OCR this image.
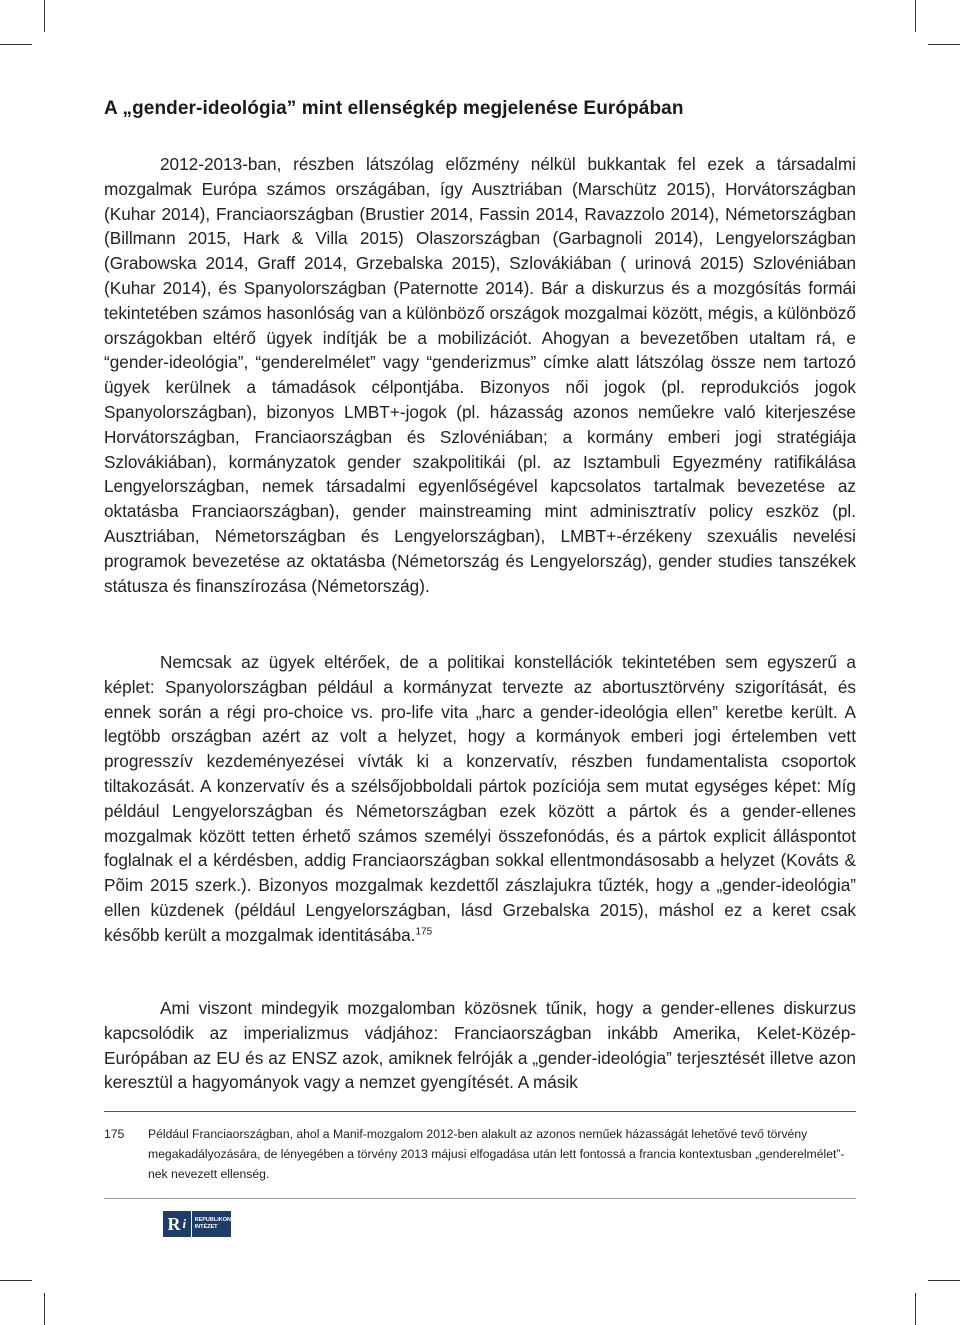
A „gender-ideológia” mint ellenségkép megjelenése Európában

2012-2013-ban, részben látszólag előzmény nélkül bukkantak fel ezek a társadalmi mozgalmak Európa számos országában, így Ausztriában (Marschütz 2015), Horvátországban (Kuhar 2014), Franciaországban (Brustier 2014, Fassin 2014, Ravazzolo 2014), Németországban (Billmann 2015, Hark & Villa 2015) Olaszországban (Garbagnoli 2014), Lengyelországban (Grabowska 2014, Graff 2014, Grzebalska 2015), Szlovákiában ( urinová 2015) Szlovéniában (Kuhar 2014), és Spanyolországban (Paternotte 2014). Bár a diskurzus és a mozgósítás formái tekintetében számos hasonlóság van a különböző országok mozgalmai között, mégis, a különböző országokban eltérő ügyek indítják be a mobilizációt. Ahogyan a bevezetőben utaltam rá, e “gender-ideológia”, “genderelmélet” vagy “genderizmus” címke alatt látszólag össze nem tartozó ügyek kerülnek a támadások célpontjába. Bizonyos női jogok (pl. reprodukciós jogok Spanyolországban), bizonyos LMBT+-jogok (pl. házasság azonos neműekre való kiterjeszése Horvátországban, Franciaországban és Szlovéniában; a kormány emberi jogi stratégiája Szlovákiában), kormányzatok gender szakpolitikái (pl. az Isztambuli Egyezmény ratifikálása Lengyelországban, nemek társadalmi egyenlőségével kapcsolatos tartalmak bevezetése az oktatásba Franciaországban), gender mainstreaming mint adminisztratív policy eszköz (pl. Ausztriában, Németországban és Lengyelországban), LMBT+-érzékeny szexuális nevelési programok bevezetése az oktatásba (Németország és Lengyelország), gender studies tanszékek státusza és finanszírozása (Németország).

Nemcsak az ügyek eltérőek, de a politikai konstellációk tekintetében sem egyszerű a képlet: Spanyolországban például a kormányzat tervezte az abortusztörvény szigorítását, és ennek során a régi pro-choice vs. pro-life vita „harc a gender-ideológia ellen” keretbe került. A legtöbb országban azért az volt a helyzet, hogy a kormányok emberi jogi értelemben vett progresszív kezdeményezései vívták ki a konzervatív, részben fundamentalista csoportok tiltakozását. A konzervatív és a szélsőjobboldali pártok pozíciója sem mutat egységes képet: Míg például Lengyelországban és Németországban ezek között a pártok és a gender-ellenes mozgalmak között tetten érhető számos személyi összefonódás, és a pártok explicit álláspontot foglalnak el a kérdésben, addig Franciaországban sokkal ellentmondásosabb a helyzet (Kováts & Põim 2015 szerk.). Bizonyos mozgalmak kezdettől zászlajukra tűzték, hogy a „gender-ideológia” ellen küzdenek (például Lengyelországban, lásd Grzebalska 2015), máshol ez a keret csak később került a mozgalmak identitásába.$^{175}$

Ami viszont mindegyik mozgalomban közösnek tűnik, hogy a gender-ellenes diskurzus kapcsolódik az imperializmus vádjához: Franciaországban inkább Amerika, Kelet-Közép-Európában az EU és az ENSZ azok, amiknek felróják a „gender-ideológia” terjesztését illetve azon keresztül a hagyományok vagy a nemzet gyengítését. A másik

175 Például Franciaországban, ahol a Manif-mozgalom 2012-ben alakult az azonos neműek házasságát lehetővé tevő törvény megakadályozására, de lényegében a törvény 2013 májusi elfogadása után lett fontossá a francia kontextusban „genderelmélet”-nek nevezett ellenség.
R i REPUBLIKON
INTÉZET
